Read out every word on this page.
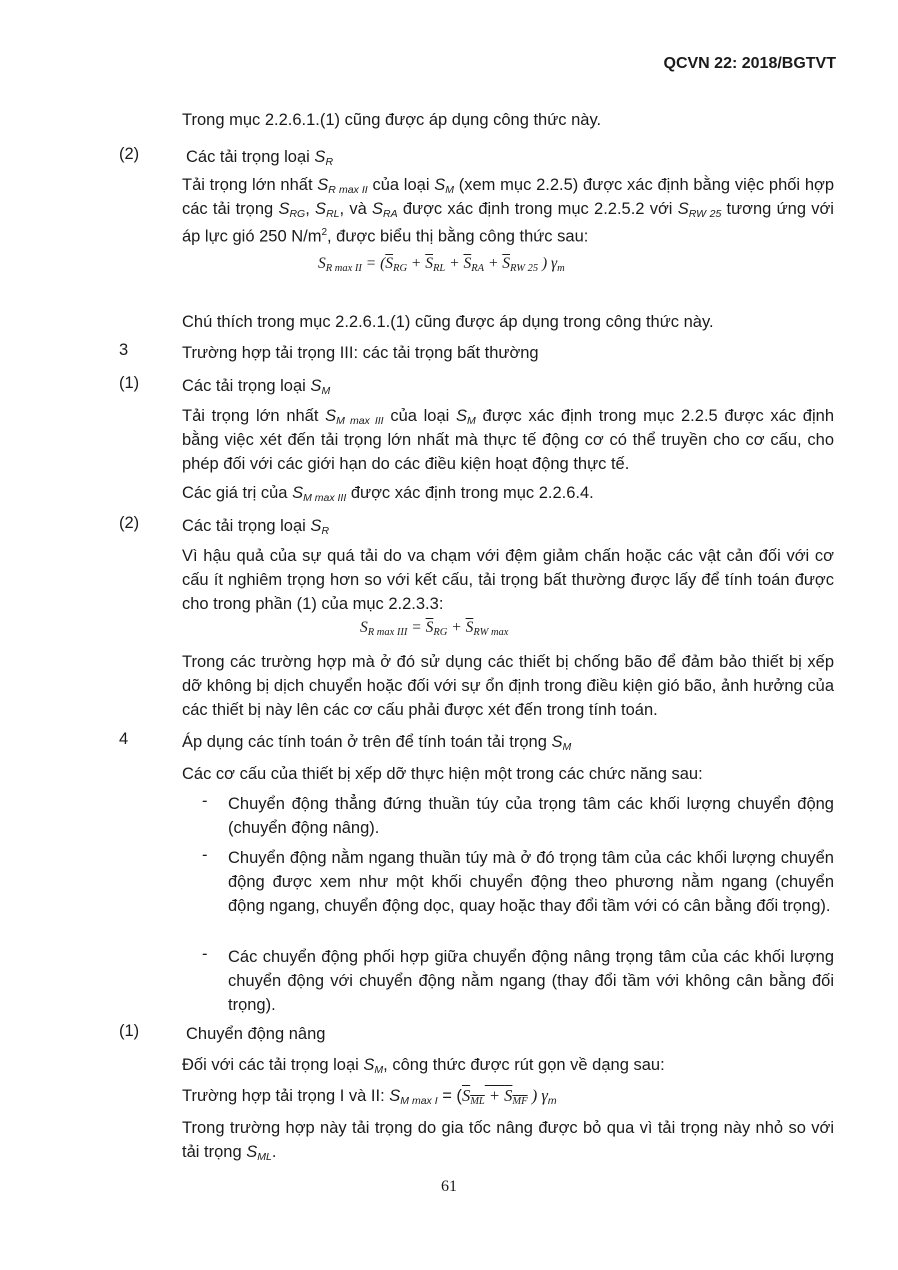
QCVN 22: 2018/BGTVT
Trong mục 2.2.6.1.(1) cũng được áp dụng công thức này.
(2)	Các tải trọng loại $S_R$
Tải trọng lớn nhất $S_{R max II}$ của loại $S_M$ (xem mục 2.2.5) được xác định bằng việc phối hợp các tải trọng $S_{RG}$, $S_{RL}$, và $S_{RA}$ được xác định trong mục 2.2.5.2 với $S_{RW 25}$ tương ứng với áp lực gió 250 $N/m^2$, được biểu thị bằng công thức sau:
$S_{R max II} = (\overline{S}_{RG} + \overline{S}_{RL} + \overline{S}_{RA} + \overline{S}_{RW 25}$ ) $\gamma_m$
Chú thích trong mục 2.2.6.1.(1) cũng được áp dụng trong công thức này.
3	Trường hợp tải trọng III: các tải trọng bất thường
(1)	Các tải trọng loại $S_M$
Tải trọng lớn nhất $S_{M max III}$ của loại $S_M$ được xác định trong mục 2.2.5 được xác định bằng việc xét đến tải trọng lớn nhất mà thực tế động cơ có thể truyền cho cơ cấu, cho phép đối với các giới hạn do các điều kiện hoạt động thực tế.
Các giá trị của $S_{M max III}$ được xác định trong mục 2.2.6.4.
(2)	Các tải trọng loại $S_R$
Vì hậu quả của sự quá tải do va chạm với đệm giảm chấn hoặc các vật cản đối với cơ cấu ít nghiêm trọng hơn so với kết cấu, tải trọng bất thường được lấy để tính toán được cho trong phần (1) của mục 2.2.3.3:
$S_{R max III} = \overline{S}_{RG} + \overline{S}_{RW max}$
Trong các trường hợp mà ở đó sử dụng các thiết bị chống bão để đảm bảo thiết bị xếp dỡ không bị dịch chuyển hoặc đối với sự ổn định trong điều kiện gió bão, ảnh hưởng của các thiết bị này lên các cơ cấu phải được xét đến trong tính toán.
4	Áp dụng các tính toán ở trên để tính toán tải trọng $S_M$
Các cơ cấu của thiết bị xếp dỡ thực hiện một trong các chức năng sau:
- Chuyển động thẳng đứng thuần túy của trọng tâm các khối lượng chuyển động (chuyển động nâng).
- Chuyển động nằm ngang thuần túy mà ở đó trọng tâm của các khối lượng chuyển động được xem như một khối chuyển động theo phương nằm ngang (chuyển động ngang, chuyển động dọc, quay hoặc thay đổi tầm với có cân bằng đối trọng).
- Các chuyển động phối hợp giữa chuyển động nâng trọng tâm của các khối lượng chuyển động với chuyển động nằm ngang (thay đổi tầm với không cân bằng đối trọng).
(1)	Chuyển động nâng
Đối với các tải trọng loại $S_M$, công thức được rút gọn về dạng sau:
Trường hợp tải trọng I và II: $S_{M max I} = (S_{ML} + S_{MF}$ ) $\gamma_m$
Trong trường hợp này tải trọng do gia tốc nâng được bỏ qua vì tải trọng này nhỏ so với tải trọng $S_{ML}$.
61
